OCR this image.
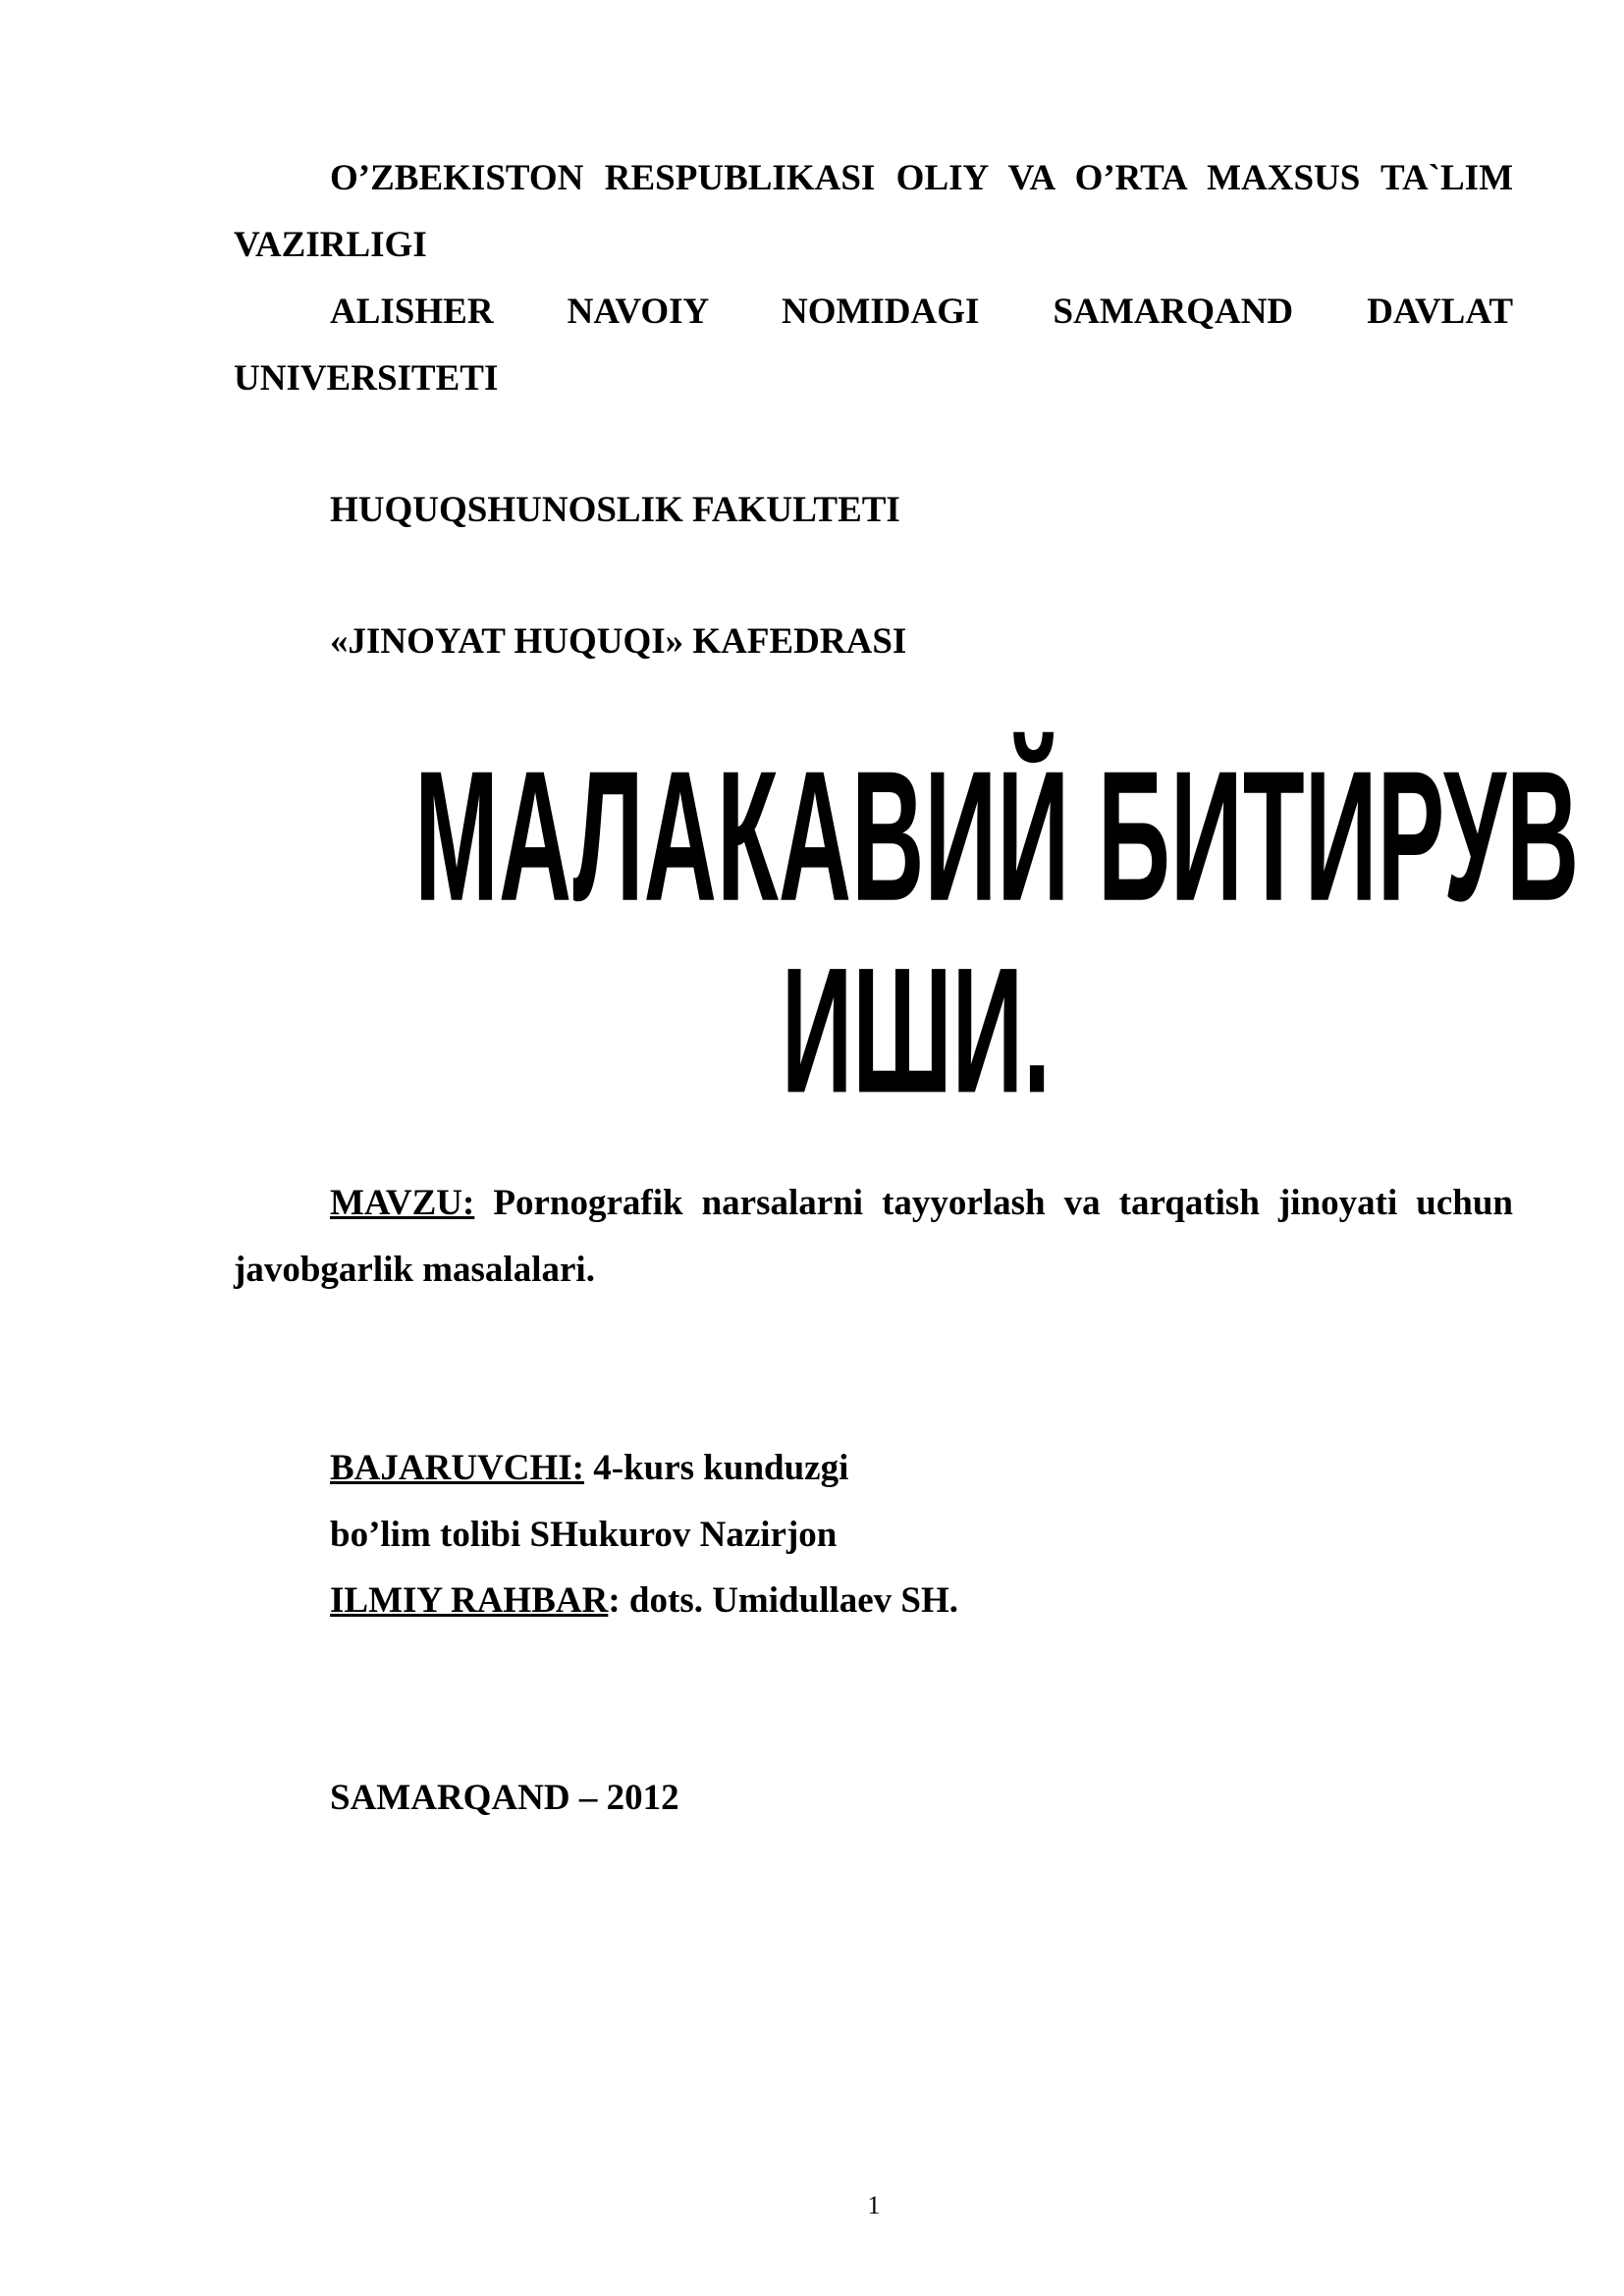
O’ZBEKISTON RESPUBLIKASI OLIY VA O’RTA MAXSUS TA`LIM VAZIRLIGI
ALISHER NAVOIY NOMIDAGI SAMARQAND DAVLAT UNIVERSITETI
HUQUQSHUNOSLIK FAKULTETI
«JINOYAT HUQUQI» KAFEDRASI
МАЛАКАВИЙ БИТИРУВ
ИШИ.
MAVZU: Pornografik narsalarni tayyorlash va tarqatish jinoyati uchun javobgarlik masalalari.
BAJARUVCHI: 4-kurs kunduzgi
bo’lim tolibi SHukurov Nazirjon
ILMIY RAHBAR: dots. Umidullaev SH.
SAMARQAND – 2012
1
